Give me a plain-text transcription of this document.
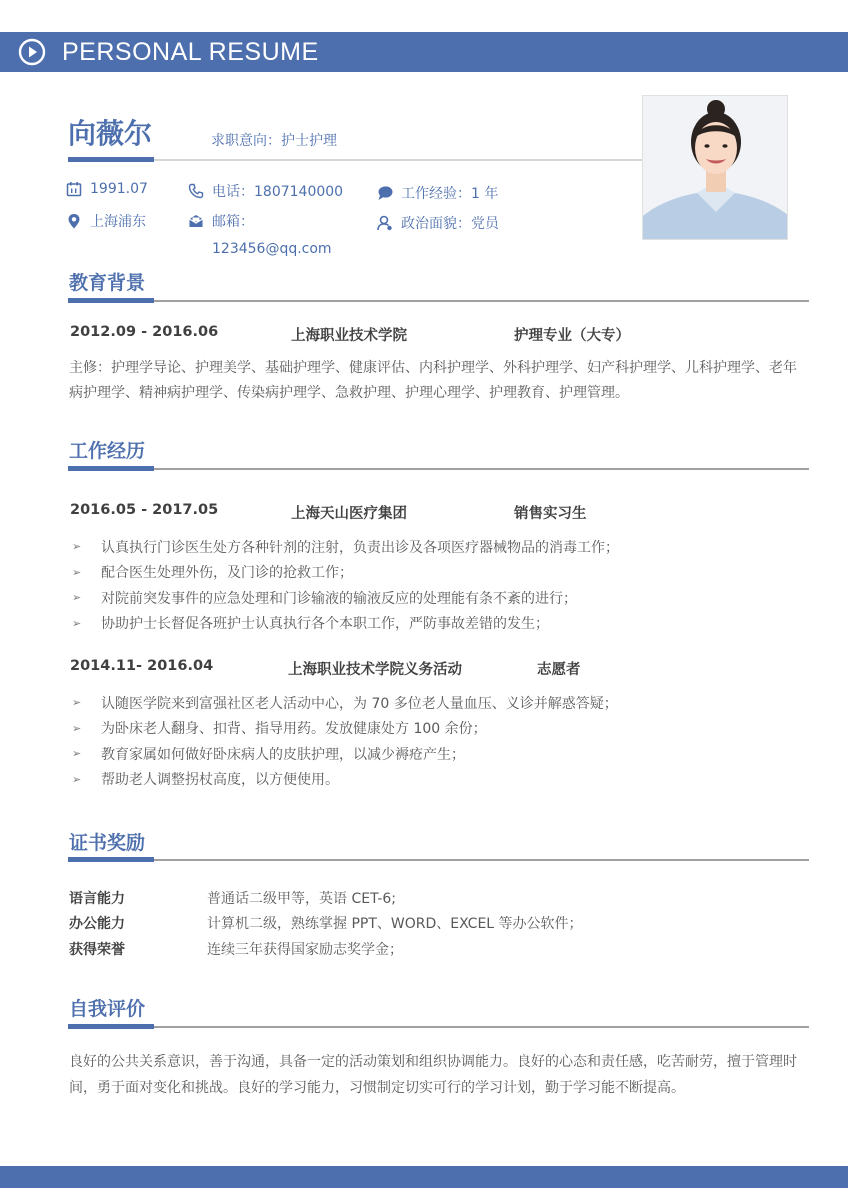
PERSONAL RESUME
向薇尔	求职意向：护士护理
1991.07
上海浦东
电话：1807140000
邮箱：
123456@qq.com
工作经验：1 年
政治面貌：党员
教育背景
2012.09 - 2016.06	上海职业技术学院	护理专业（大专）
主修：护理学导论、护理美学、基础护理学、健康评估、内科护理学、外科护理学、妇产科护理学、儿科护理学、老年病护理学、精神病护理学、传染病护理学、急救护理、护理心理学、护理教育、护理管理。
工作经历
2016.05 - 2017.05	上海天山医疗集团	销售实习生
➢ 认真执行门诊医生处方各种针剂的注射，负责出诊及各项医疗器械物品的消毒工作；
➢ 配合医生处理外伤，及门诊的抢救工作；
➢ 对院前突发事件的应急处理和门诊输液的输液反应的处理能有条不紊的进行；
➢ 协助护士长督促各班护士认真执行各个本职工作，严防事故差错的发生；
2014.11- 2016.04	上海职业技术学院义务活动	志愿者
➢ 认随医学院来到富强社区老人活动中心，为 70 多位老人量血压、义诊并解惑答疑；
➢ 为卧床老人翻身、扣背、指导用药。发放健康处方 100 余份；
➢ 教育家属如何做好卧床病人的皮肤护理，以减少褥疮产生；
➢ 帮助老人调整拐杖高度，以方便使用。
证书奖励
语言能力	普通话二级甲等，英语 CET-6;
办公能力	计算机二级，熟练掌握 PPT、WORD、EXCEL 等办公软件；
获得荣誉	连续三年获得国家励志奖学金；
自我评价
良好的公共关系意识，善于沟通，具备一定的活动策划和组织协调能力。良好的心态和责任感，吃苦耐劳，擅于管理时间，勇于面对变化和挑战。良好的学习能力，习惯制定切实可行的学习计划，勤于学习能不断提高。
